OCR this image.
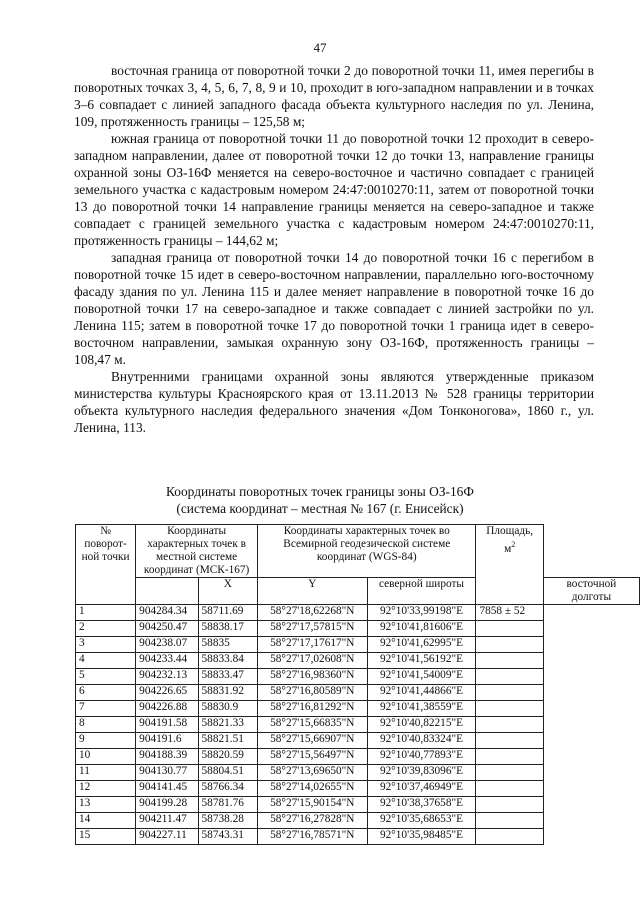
47

восточная граница от поворотной точки 2 до поворотной точки 11, имея перегибы в поворотных точках 3, 4, 5, 6, 7, 8, 9 и 10, проходит в юго-западном направлении и в точках 3–6 совпадает с линией западного фасада объекта культурного наследия по ул. Ленина, 109, протяженность границы – 125,58 м;

южная граница от поворотной точки 11 до поворотной точки 12 проходит в северо-западном направлении, далее от поворотной точки 12 до точки 13, направление границы охранной зоны ОЗ-16Ф меняется на северо-восточное и частично совпадает с границей земельного участка с кадастровым номером 24:47:0010270:11, затем от поворотной точки 13 до поворотной точки 14 направление границы меняется на северо-западное и также совпадает с границей земельного участка с кадастровым номером 24:47:0010270:11, протяженность границы – 144,62 м;

западная граница от поворотной точки 14 до поворотной точки 16 с перегибом в поворотной точке 15 идет в северо-восточном направлении, параллельно юго-восточному фасаду здания по ул. Ленина 115 и далее меняет направление в поворотной точке 16 до поворотной точки 17 на северо-западное и также совпадает с линией застройки по ул. Ленина 115; затем в поворотной точке 17 до поворотной точки 1 граница идет в северо-восточном направлении, замыкая охранную зону ОЗ-16Ф, протяженность границы – 108,47 м.

Внутренними границами охранной зоны являются утвержденные приказом министерства культуры Красноярского края от 13.11.2013 № 528 границы территории объекта культурного наследия федерального значения «Дом Тонконогова», 1860 г., ул. Ленина, 113.

Координаты поворотных точек границы зоны ОЗ-16Ф
(система координат – местная № 167 (г. Енисейск)
№ поворот-ной точки	Координаты характерных точек в местной системе координат (МСК-167)		Координаты характерных точек во Всемирной геодезической системе координат (WGS-84)		Площадь, $м^2$
		X	Y	северной широты		восточной долготы
1	904284.34	58711.69	58°27'18,62268"N	92°10'33,99198"E	7858 ± 52	
2	904250.47	58838.17	58°27'17,57815"N	92°10'41,81606"E		
3	904238.07	58835	58°27'17,17617"N	92°10'41,62995"E		
4	904233.44	58833.84	58°27'17,02608"N	92°10'41,56192"E		
5	904232.13	58833.47	58°27'16,98360"N	92°10'41,54009"E		
6	904226.65	58831.92	58°27'16,80589"N	92°10'41,44866"E		
7	904226.88	58830.9	58°27'16,81292"N	92°10'41,38559"E		
8	904191.58	58821.33	58°27'15,66835"N	92°10'40,82215"E		
9	904191.6	58821.51	58°27'15,66907"N	92°10'40,83324"E		
10	904188.39	58820.59	58°27'15,56497"N	92°10'40,77893"E		
11	904130.77	58804.51	58°27'13,69650"N	92°10'39,83096"E		
12	904141.45	58766.34	58°27'14,02655"N	92°10'37,46949"E		
13	904199.28	58781.76	58°27'15,90154"N	92°10'38,37658"E		
14	904211.47	58738.28	58°27'16,27828"N	92°10'35,68653"E		
15	904227.11	58743.31	58°27'16,78571"N	92°10'35,98485"E		
